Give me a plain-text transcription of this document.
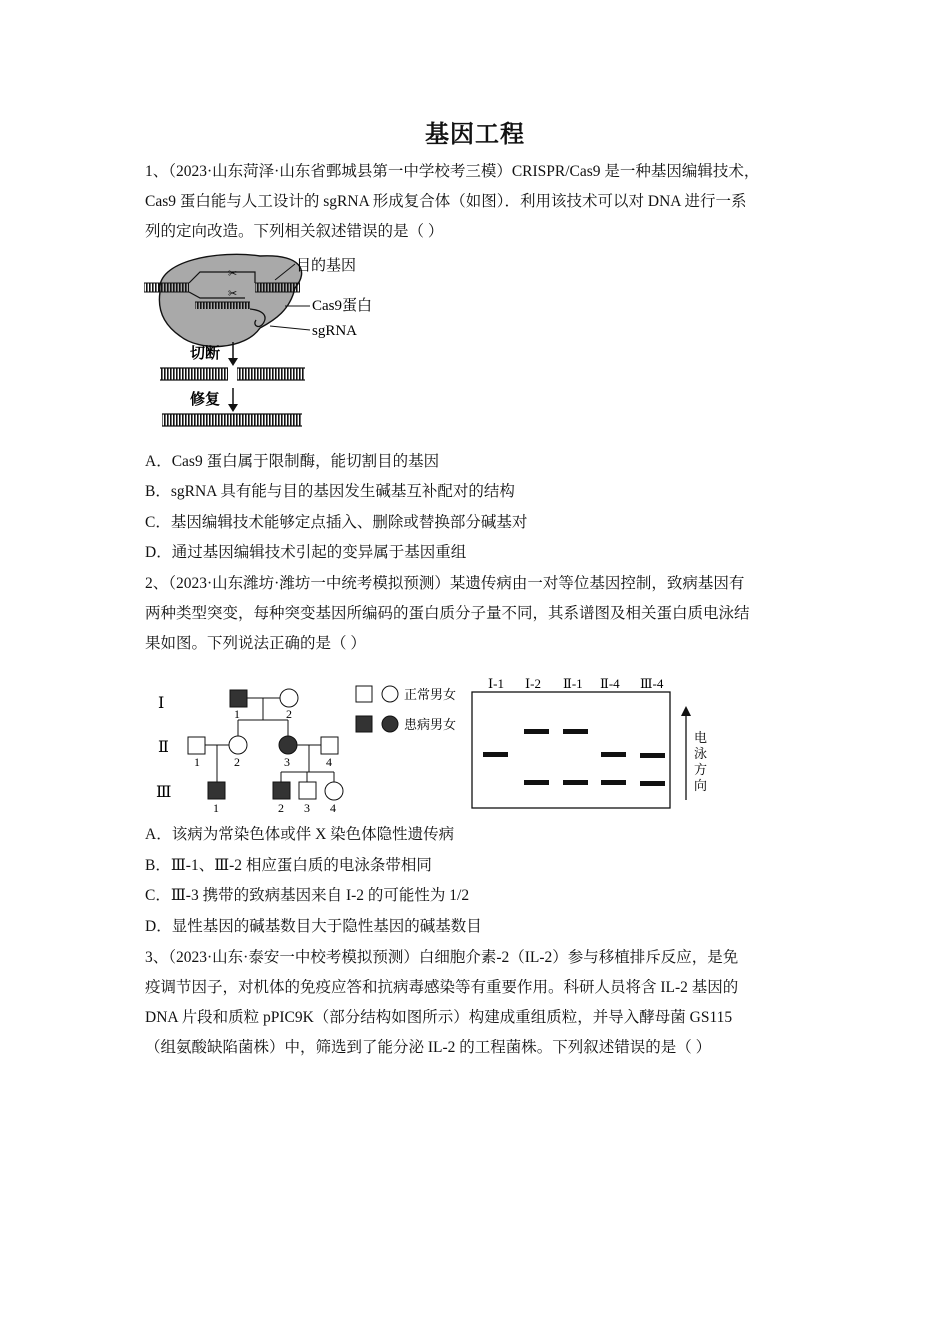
基因工程
1、（2023·山东菏泽·山东省鄄城县第一中学校考三模）CRISPR/Cas9 是一种基因编辑技术，
Cas9 蛋白能与人工设计的 sgRNA 形成复合体（如图）．利用该技术可以对 DNA 进行一系
列的定向改造。下列相关叙述错误的是（ ）
✂
✂
目的基因
Cas9蛋白
sgRNA
切断
修复
A．Cas9 蛋白属于限制酶，能切割目的基因
B．sgRNA 具有能与目的基因发生碱基互补配对的结构
C．基因编辑技术能够定点插入、删除或替换部分碱基对
D．通过基因编辑技术引起的变异属于基因重组
2、（2023·山东潍坊·潍坊一中统考模拟预测）某遗传病由一对等位基因控制，致病基因有
两种类型突变，每种突变基因所编码的蛋白质分子量不同，其系谱图及相关蛋白质电泳结
果如图。下列说法正确的是（ ）
Ⅰ
Ⅱ
Ⅲ
1	2
1	2	3	4
1	2 3 4
正常男女
患病男女
Ⅰ-1 Ⅰ-2 Ⅱ-1 Ⅱ-4 Ⅲ-4
电
泳
方
向
A．该病为常染色体或伴 X 染色体隐性遗传病
B．Ⅲ-1、Ⅲ-2 相应蛋白质的电泳条带相同
C．Ⅲ-3 携带的致病基因来自 I-2 的可能性为 1/2
D．显性基因的碱基数目大于隐性基因的碱基数目
3、（2023·山东·泰安一中校考模拟预测）白细胞介素-2（IL-2）参与移植排斥反应，是免
疫调节因子，对机体的免疫应答和抗病毒感染等有重要作用。科研人员将含 IL-2 基因的
DNA 片段和质粒 pPIC9K（部分结构如图所示）构建成重组质粒，并导入酵母菌 GS115
（组氨酸缺陷菌株）中，筛选到了能分泌 IL-2 的工程菌株。下列叙述错误的是（ ）
